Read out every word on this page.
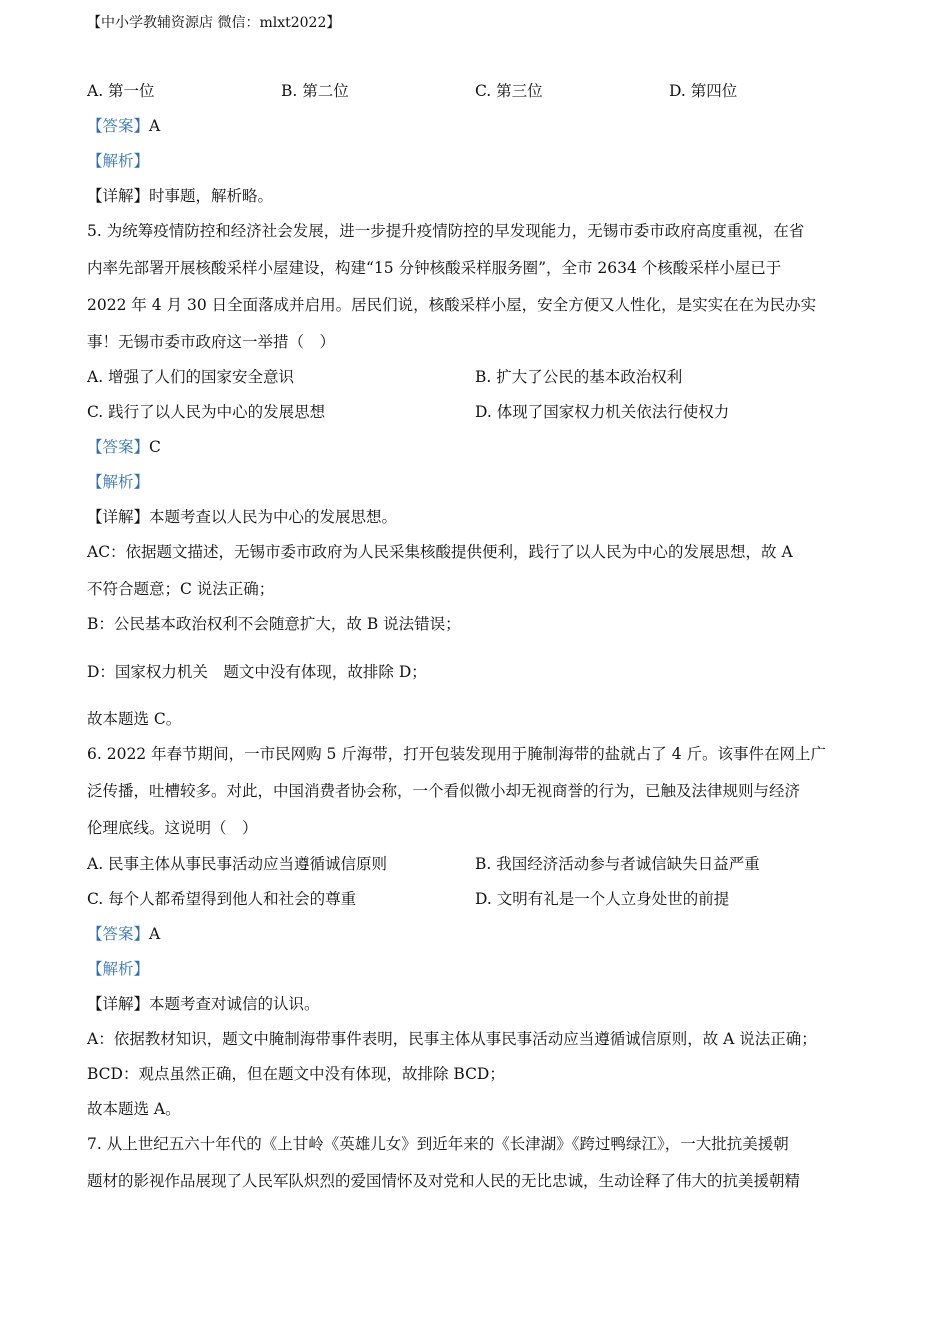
【中小学教辅资源店 微信：mlxt2022】
A. 第一位	B. 第二位	C. 第三位	D. 第四位
【答案】A
【解析】
【详解】时事题，解析略。
5. 为统筹疫情防控和经济社会发展，进一步提升疫情防控的早发现能力，无锡市委市政府高度重视，在省
内率先部署开展核酸采样小屋建设，构建“15 分钟核酸采样服务圈”，全市 2634 个核酸采样小屋已于
2022 年 4 月 30 日全面落成并启用。居民们说，核酸采样小屋，安全方便又人性化，是实实在在为民办实
事！无锡市委市政府这一举措（　）
A. 增强了人们的国家安全意识	B. 扩大了公民的基本政治权利
C. 践行了以人民为中心的发展思想	D. 体现了国家权力机关依法行使权力
【答案】C
【解析】
【详解】本题考查以人民为中心的发展思想。
AC：依据题文描述，无锡市委市政府为人民采集核酸提供便利，践行了以人民为中心的发展思想，故 A
不符合题意；C 说法正确；
B：公民基本政治权利不会随意扩大，故 B 说法错误；
D：国家权力机关　题文中没有体现，故排除 D；
故本题选 C。
6. 2022 年春节期间，一市民网购 5 斤海带，打开包装发现用于腌制海带的盐就占了 4 斤。该事件在网上广
泛传播，吐槽较多。对此，中国消费者协会称，一个看似微小却无视商誉的行为，已触及法律规则与经济
伦理底线。这说明（　）
A. 民事主体从事民事活动应当遵循诚信原则	B. 我国经济活动参与者诚信缺失日益严重
C. 每个人都希望得到他人和社会的尊重	D. 文明有礼是一个人立身处世的前提
【答案】A
【解析】
【详解】本题考查对诚信的认识。
A：依据教材知识，题文中腌制海带事件表明，民事主体从事民事活动应当遵循诚信原则，故 A 说法正确；
BCD：观点虽然正确，但在题文中没有体现，故排除 BCD；
故本题选 A。
7. 从上世纪五六十年代的《上甘岭《英雄儿女》到近年来的《长津湖》《跨过鸭绿江》，一大批抗美援朝
题材的影视作品展现了人民军队炽烈的爱国情怀及对党和人民的无比忠诚，生动诠释了伟大的抗美援朝精
